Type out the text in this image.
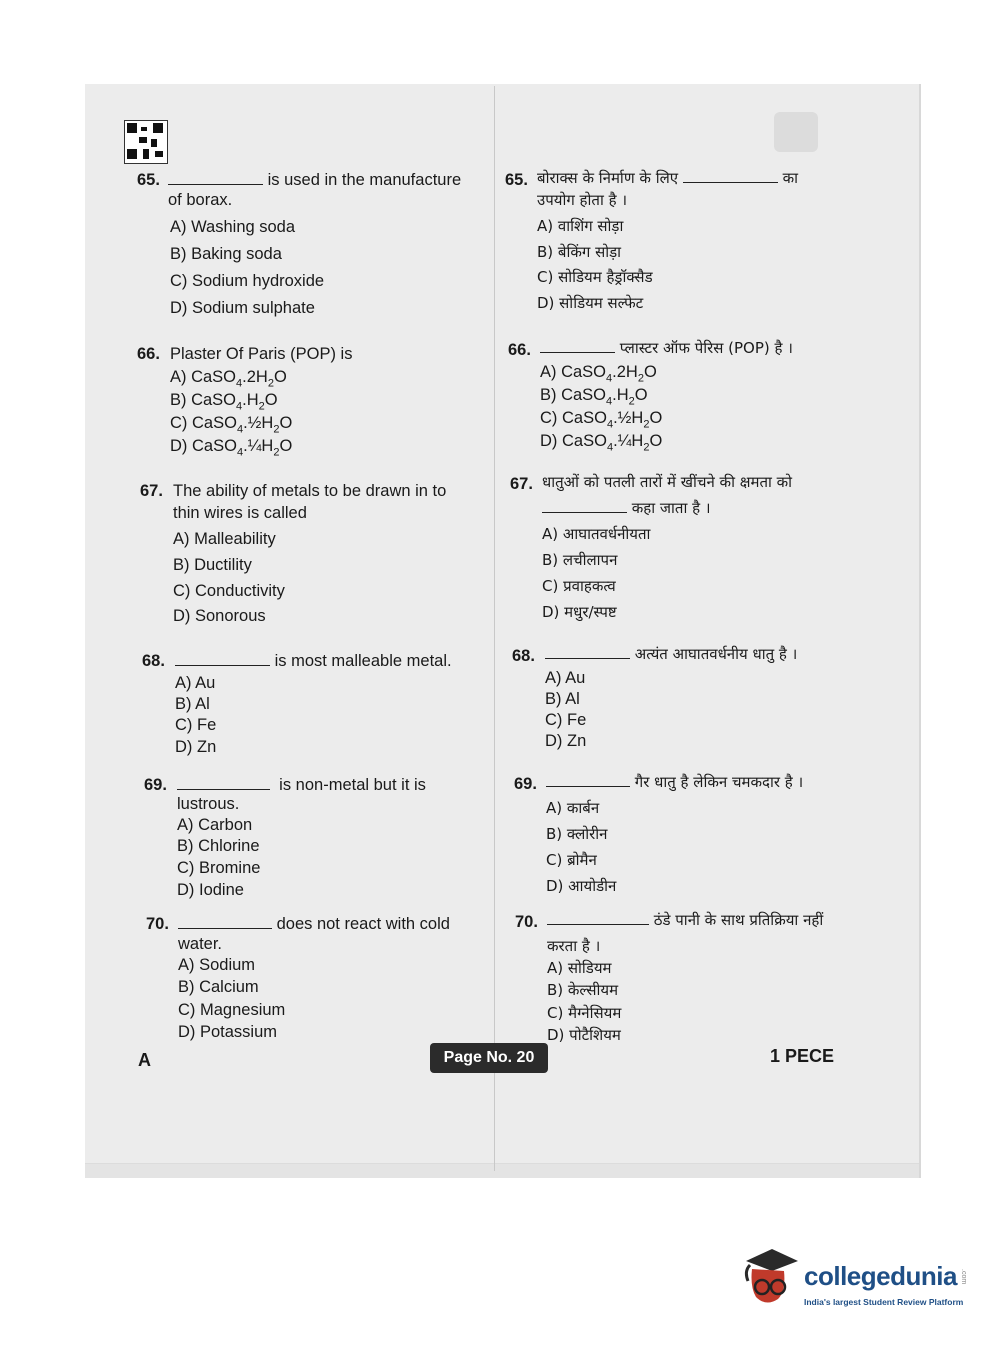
65.	is used in the manufacture
of borax.
A) Washing soda
B) Baking soda
C) Sodium hydroxide
D) Sodium sulphate
66. Plaster Of Paris (POP) is
A) $CaSO_4.2H_2O$
B) $CaSO_4.H_2O$
C) $CaSO_4.\frac{1}{2}H_2O$
D) $CaSO_4.\frac{1}{4}H_2O$
67. The ability of metals to be drawn in to
thin wires is called
A) Malleability
B) Ductility
C) Conductivity
D) Sonorous
68.	is most malleable metal.
A) Au
B) Al
C) Fe
D) Zn
69.	is non-metal but it is
lustrous.
A) Carbon
B) Chlorine
C) Bromine
D) Iodine
70.	does not react with cold
water.
A) Sodium
B) Calcium
C) Magnesium
D) Potassium
65. बोराक्स के निर्माण के लिए	का
उपयोग होता है ।
A) वाशिंग सोड़ा
B) बेकिंग सोड़ा
C) सोडियम हैड्रॉक्सैड
D) सोडियम सल्फेट
66.	प्लास्टर ऑफ पेरिस (POP) है ।
A) $CaSO_4.2H_2O$
B) $CaSO_4.H_2O$
C) $CaSO_4.\frac{1}{2}H_2O$
D) $CaSO_4.\frac{1}{4}H_2O$
67. धातुओं को पतली तारों में खींचने की क्षमता को
कहा जाता है ।
A) आघातवर्धनीयता
B) लचीलापन
C) प्रवाहकत्व
D) मधुर/स्पष्ट
68.	अत्यंत आघातवर्धनीय धातु है ।
A) Au
B) Al
C) Fe
D) Zn
69.	गैर धातु है लेकिन चमकदार है ।
A) कार्बन
B) क्लोरीन
C) ब्रोमैन
D) आयोडीन
70.	ठंडे पानी के साथ प्रतिक्रिया नहीं
करता है ।
A) सोडियम
B) केल्सीयम
C) मैग्नेसियम
D) पोटैशियम
A	Page No. 20	1 PECE
collegedunia .com
India's largest Student Review Platform
